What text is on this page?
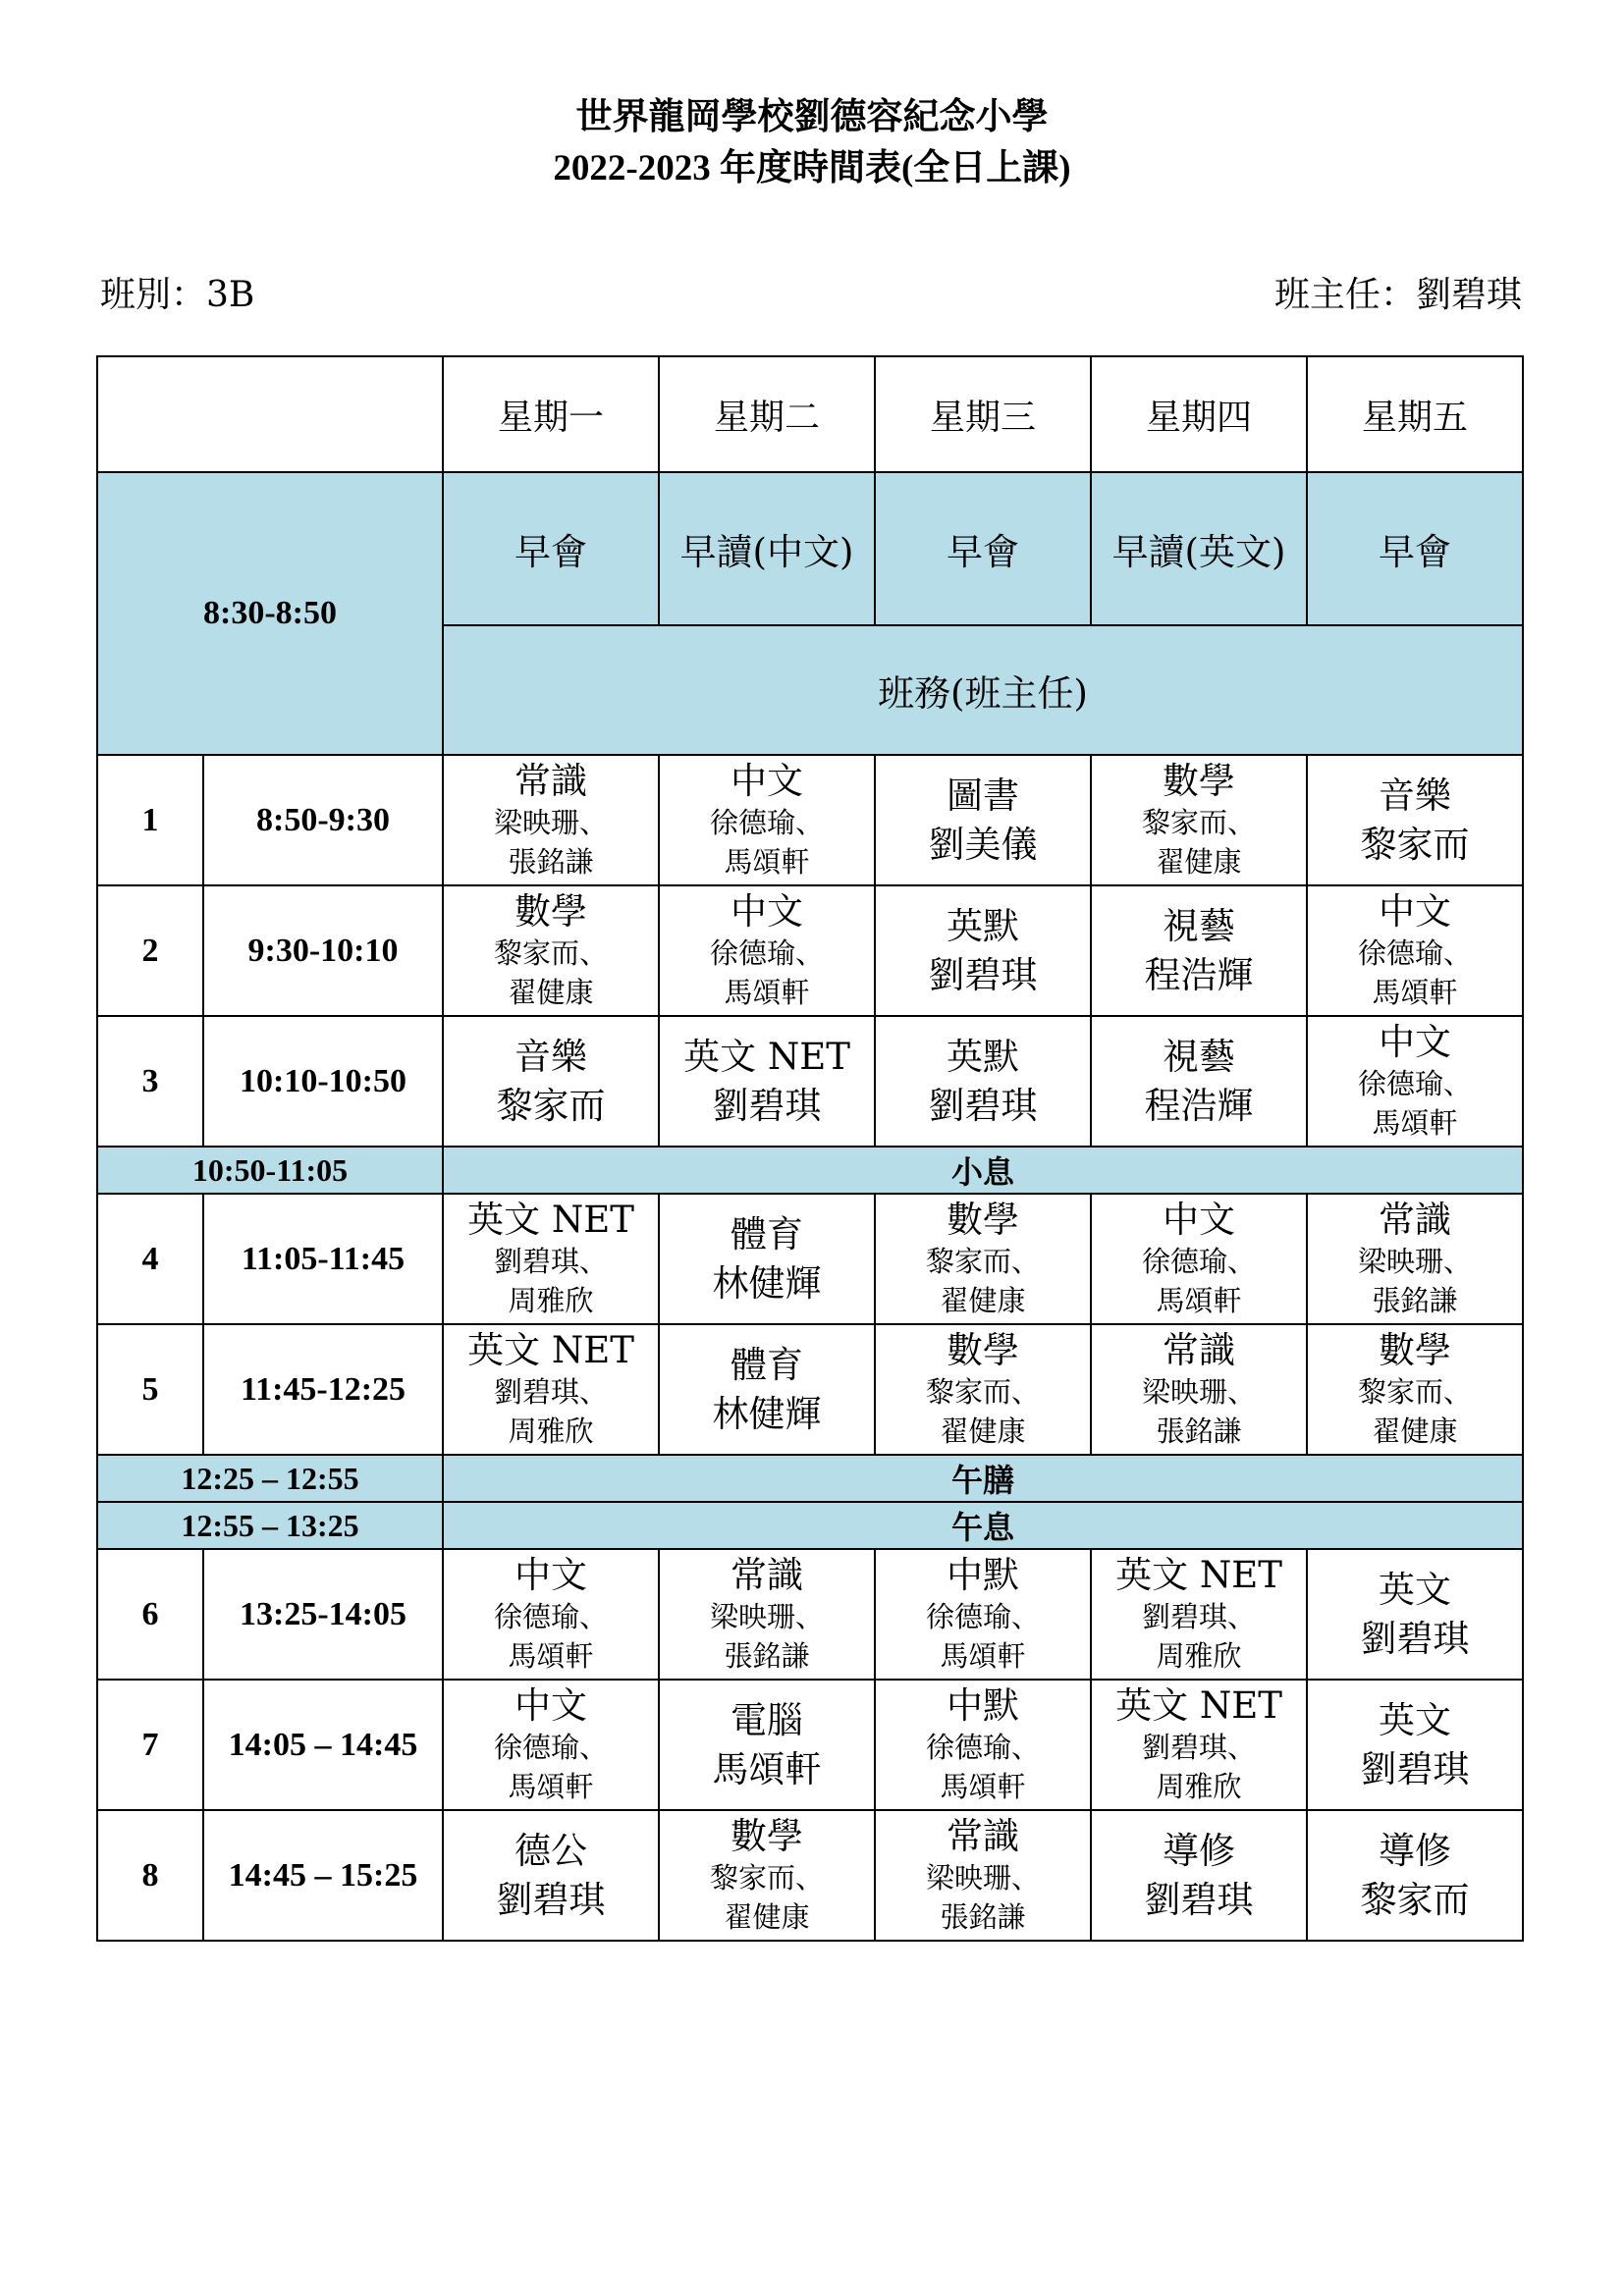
世界龍岡學校劉德容紀念小學
2022-2023 年度時間表(全日上課)
班別：3B	班主任：劉碧琪
		星期一	星期二	星期三	星期四	星期五
8:30-8:50		早會	早讀(中文)	早會	早讀(英文)	早會
		班務(班主任)				
1	8:50-9:30	常識
梁映珊、
張銘謙	中文
徐德瑜、
馬頌軒	圖書
劉美儀	數學
黎家而、
翟健康	音樂
黎家而

2	9:30-10:10	數學
黎家而、
翟健康	中文
徐德瑜、
馬頌軒	英默
劉碧琪	視藝
程浩輝	中文
徐德瑜、
馬頌軒

3	10:10-10:50	音樂
黎家而	英文 NET
劉碧琪	英默
劉碧琪	視藝
程浩輝	中文
徐德瑜、
馬頌軒

10:50-11:05		小息				
4	11:05-11:45	英文 NET
劉碧琪、
周雅欣	體育
林健輝	數學
黎家而、
翟健康	中文
徐德瑜、
馬頌軒	常識
梁映珊、
張銘謙

5	11:45-12:25	英文 NET
劉碧琪、
周雅欣	體育
林健輝	數學
黎家而、
翟健康	常識
梁映珊、
張銘謙	數學
黎家而、
翟健康

12:25 – 12:55		午膳				
12:55 – 13:25		午息				
6	13:25-14:05	中文
徐德瑜、
馬頌軒	常識
梁映珊、
張銘謙	中默
徐德瑜、
馬頌軒	英文 NET
劉碧琪、
周雅欣	英文
劉碧琪

7	14:05 – 14:45	中文
徐德瑜、
馬頌軒	電腦
馬頌軒	中默
徐德瑜、
馬頌軒	英文 NET
劉碧琪、
周雅欣	英文
劉碧琪

8	14:45 – 15:25	德公
劉碧琪	數學
黎家而、
翟健康	常識
梁映珊、
張銘謙	導修
劉碧琪	導修
黎家而
